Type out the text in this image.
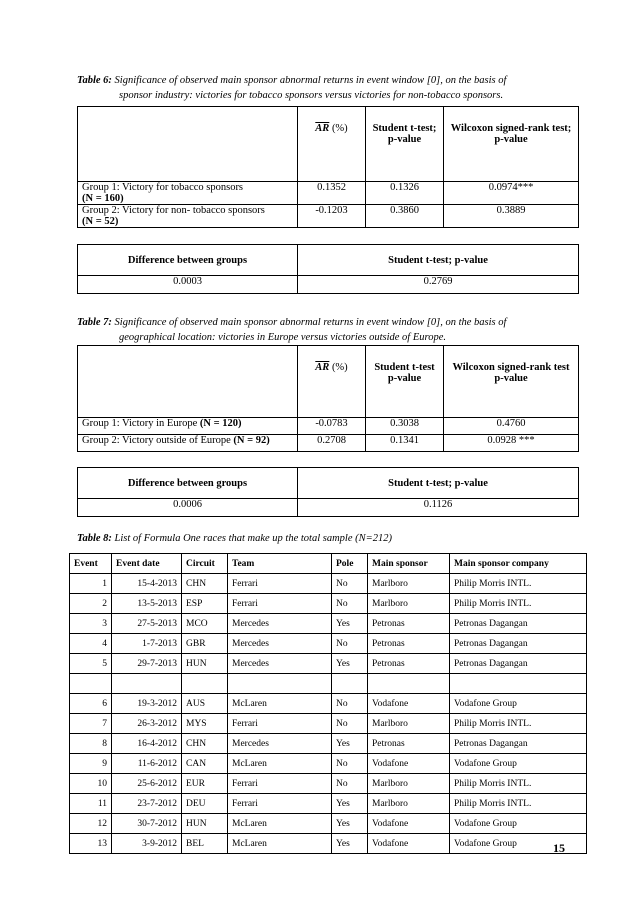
Table 6: Significance of observed main sponsor abnormal returns in event window [0], on the basis of
sponsor industry: victories for tobacco sponsors versus victories for non-tobacco sponsors.
	$\overline{AR}$ (%)	Student t-test; p-value	Wilcoxon signed-rank test; p-value
Group 1: Victory for tobacco sponsors
(N = 160)	0.1352	0.1326	0.0974***
Group 2: Victory for non- tobacco sponsors
(N = 52)	-0.1203	0.3860	0.3889
Difference between groups	Student t-test; p-value
0.0003	0.2769
Table 7: Significance of observed main sponsor abnormal returns in event window [0], on the basis of
geographical location: victories in Europe versus victories outside of Europe.
	$\overline{AR}$ (%)	Student t-test p-value	Wilcoxon signed-rank test p-value
Group 1: Victory in Europe (N = 120)	-0.0783	0.3038	0.4760
Group 2: Victory outside of Europe (N = 92)	0.2708	0.1341	0.0928 ***
Difference between groups	Student t-test; p-value
0.0006	0.1126
Table 8: List of Formula One races that make up the total sample (N=212)
Event	Event date	Circuit	Team	Pole	Main sponsor	Main sponsor company
1	15-4-2013	CHN	Ferrari	No	Marlboro	Philip Morris INTL.
2	13-5-2013	ESP	Ferrari	No	Marlboro	Philip Morris INTL.
3	27-5-2013	MCO	Mercedes	Yes	Petronas	Petronas Dagangan
4	1-7-2013	GBR	Mercedes	No	Petronas	Petronas Dagangan
5	29-7-2013	HUN	Mercedes	Yes	Petronas	Petronas Dagangan

6	19-3-2012	AUS	McLaren	No	Vodafone	Vodafone Group
7	26-3-2012	MYS	Ferrari	No	Marlboro	Philip Morris INTL.
8	16-4-2012	CHN	Mercedes	Yes	Petronas	Petronas Dagangan
9	11-6-2012	CAN	McLaren	No	Vodafone	Vodafone Group
10	25-6-2012	EUR	Ferrari	No	Marlboro	Philip Morris INTL.
11	23-7-2012	DEU	Ferrari	Yes	Marlboro	Philip Morris INTL.
12	30-7-2012	HUN	McLaren	Yes	Vodafone	Vodafone Group
13	3-9-2012	BEL	McLaren	Yes	Vodafone	Vodafone Group	15
